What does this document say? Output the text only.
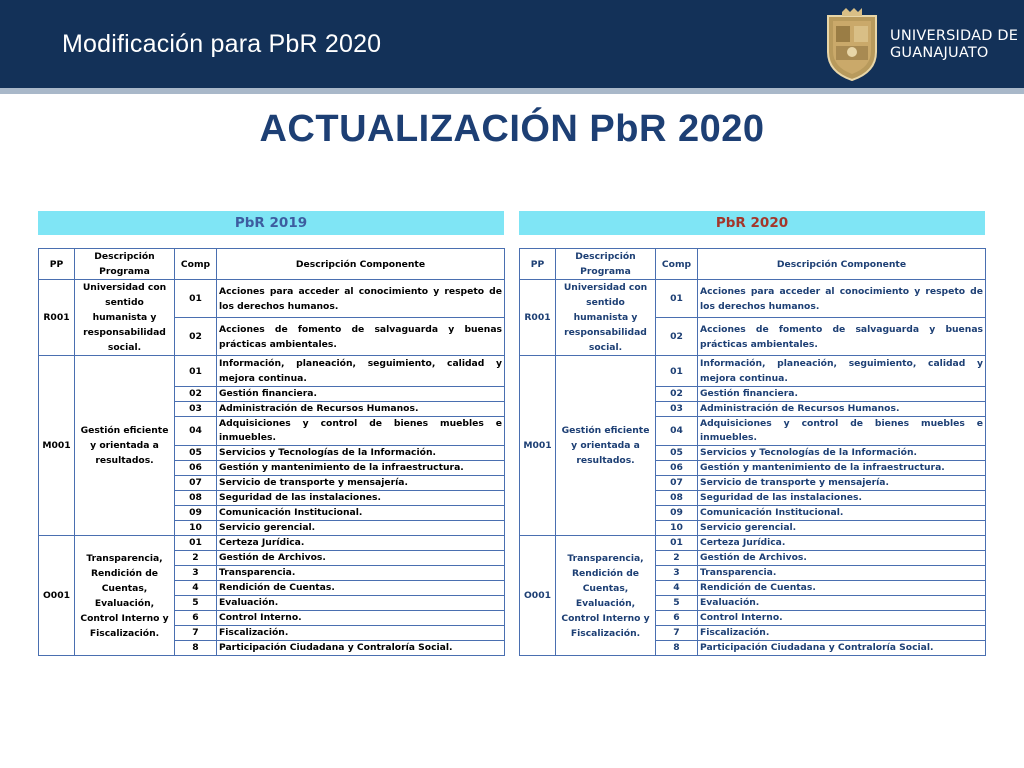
Modificación para PbR 2020	UNIVERSIDAD DE
GUANAJUATO
ACTUALIZACIÓN PbR 2020
PbR 2019	PbR 2020
PP	Descripción Programa	Comp	Descripción Componente
R001	Universidad con sentido humanista y responsabilidad social.	01	Acciones para acceder al conocimiento y respeto de los derechos humanos.
		02	Acciones de fomento de salvaguarda y buenas prácticas ambientales.
M001	Gestión eficiente y orientada a resultados.	01	Información, planeación, seguimiento, calidad y mejora continua.
		02	Gestión financiera.
		03	Administración de Recursos Humanos.
		04	Adquisiciones y control de bienes muebles e inmuebles.
		05	Servicios y Tecnologías de la Información.
		06	Gestión y mantenimiento de la infraestructura.
		07	Servicio de transporte y mensajería.
		08	Seguridad de las instalaciones.
		09	Comunicación Institucional.
		10	Servicio gerencial.
O001	Transparencia, Rendición de Cuentas, Evaluación, Control Interno y Fiscalización.	01	Certeza Jurídica.
		2	Gestión de Archivos.
		3	Transparencia.
		4	Rendición de Cuentas.
		5	Evaluación.
		6	Control Interno.
		7	Fiscalización.
		8	Participación Ciudadana y Contraloría Social.
PP	Descripción Programa	Comp	Descripción Componente
R001	Universidad con sentido humanista y responsabilidad social.	01	Acciones para acceder al conocimiento y respeto de los derechos humanos.
		02	Acciones de fomento de salvaguarda y buenas prácticas ambientales.
M001	Gestión eficiente y orientada a resultados.	01	Información, planeación, seguimiento, calidad y mejora continua.
		02	Gestión financiera.
		03	Administración de Recursos Humanos.
		04	Adquisiciones y control de bienes muebles e inmuebles.
		05	Servicios y Tecnologías de la Información.
		06	Gestión y mantenimiento de la infraestructura.
		07	Servicio de transporte y mensajería.
		08	Seguridad de las instalaciones.
		09	Comunicación Institucional.
		10	Servicio gerencial.
O001	Transparencia, Rendición de Cuentas, Evaluación, Control Interno y Fiscalización.	01	Certeza Jurídica.
		2	Gestión de Archivos.
		3	Transparencia.
		4	Rendición de Cuentas.
		5	Evaluación.
		6	Control Interno.
		7	Fiscalización.
		8	Participación Ciudadana y Contraloría Social.
